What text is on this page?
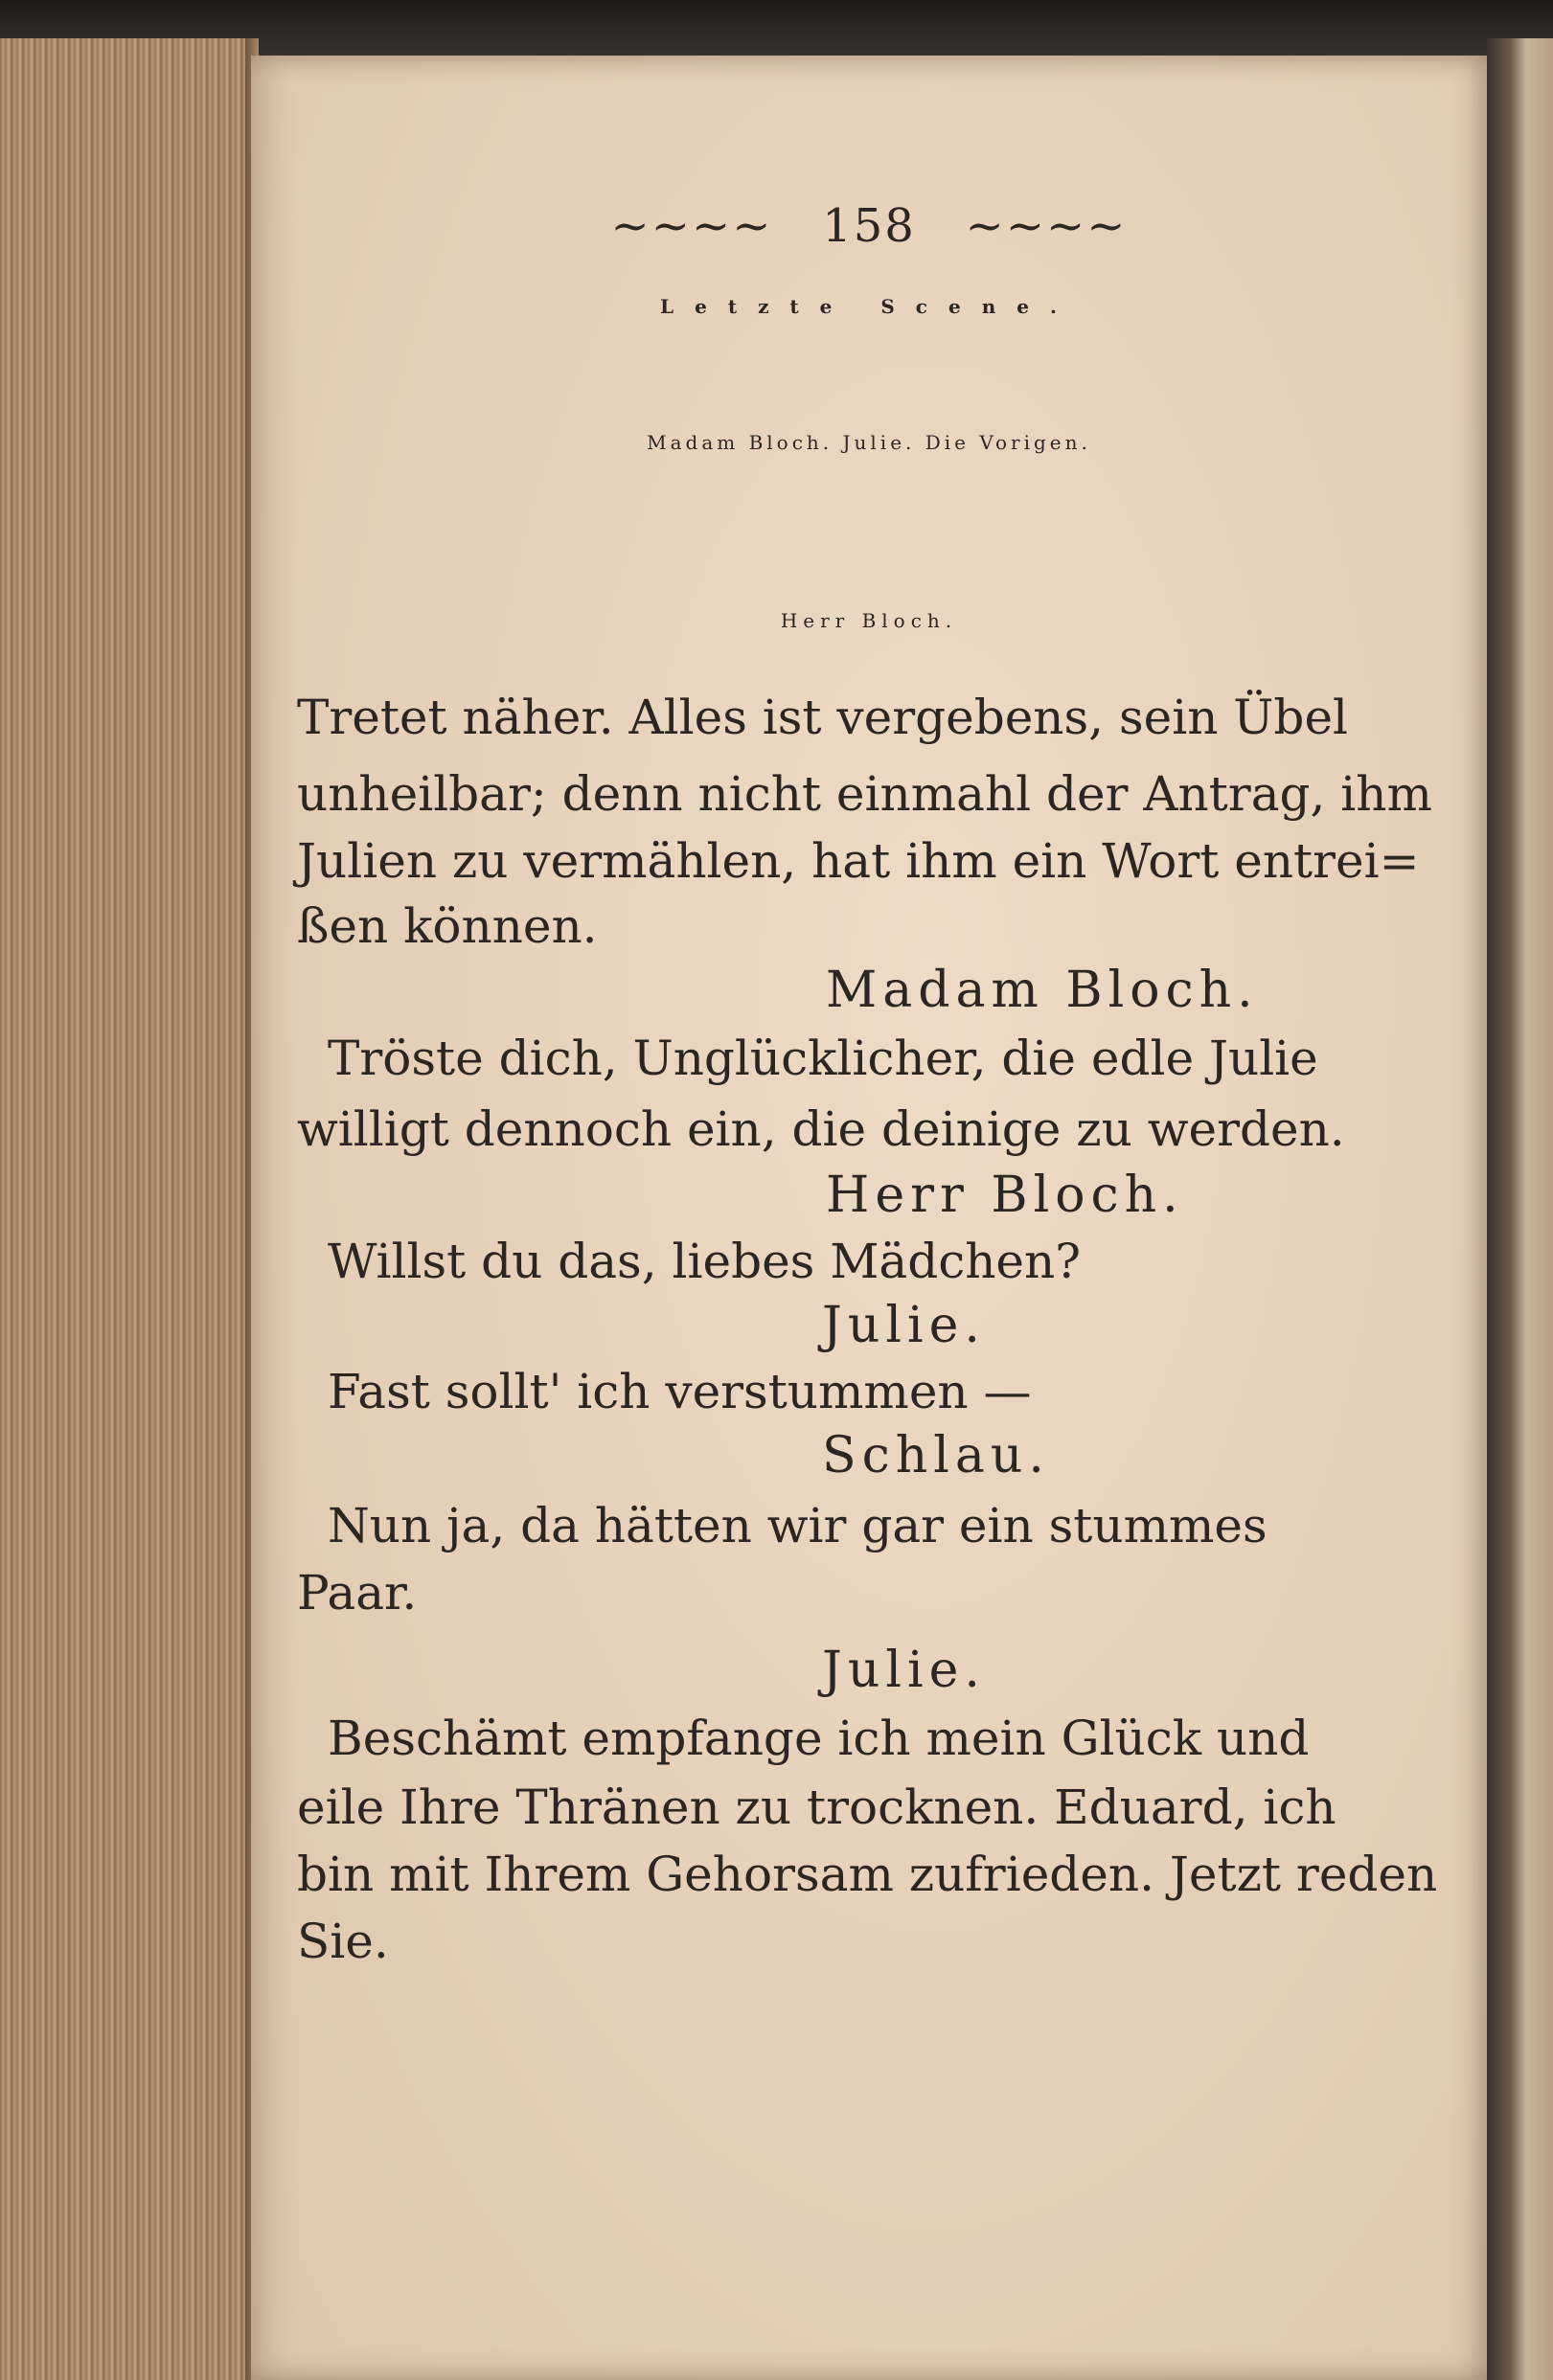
~~~~ 158 ~~~~

Letzte Scene.

Madam Bloch. Julie. Die Vorigen.

Herr Bloch.

Tretet näher. Alles ist vergebens, sein Übel

unheilbar; denn nicht einmahl der Antrag, ihm

Julien zu vermählen, hat ihm ein Wort entrei=

ßen können.

Madam Bloch.

Tröste dich, Unglücklicher, die edle Julie

willigt dennoch ein, die deinige zu werden.

Herr Bloch.

Willst du das, liebes Mädchen?

Julie.

Fast sollt' ich verstummen —

Schlau.

Nun ja, da hätten wir gar ein stummes

Paar.

Julie.

Beschämt empfange ich mein Glück und

eile Ihre Thränen zu trocknen. Eduard, ich

bin mit Ihrem Gehorsam zufrieden. Jetzt reden

Sie.
